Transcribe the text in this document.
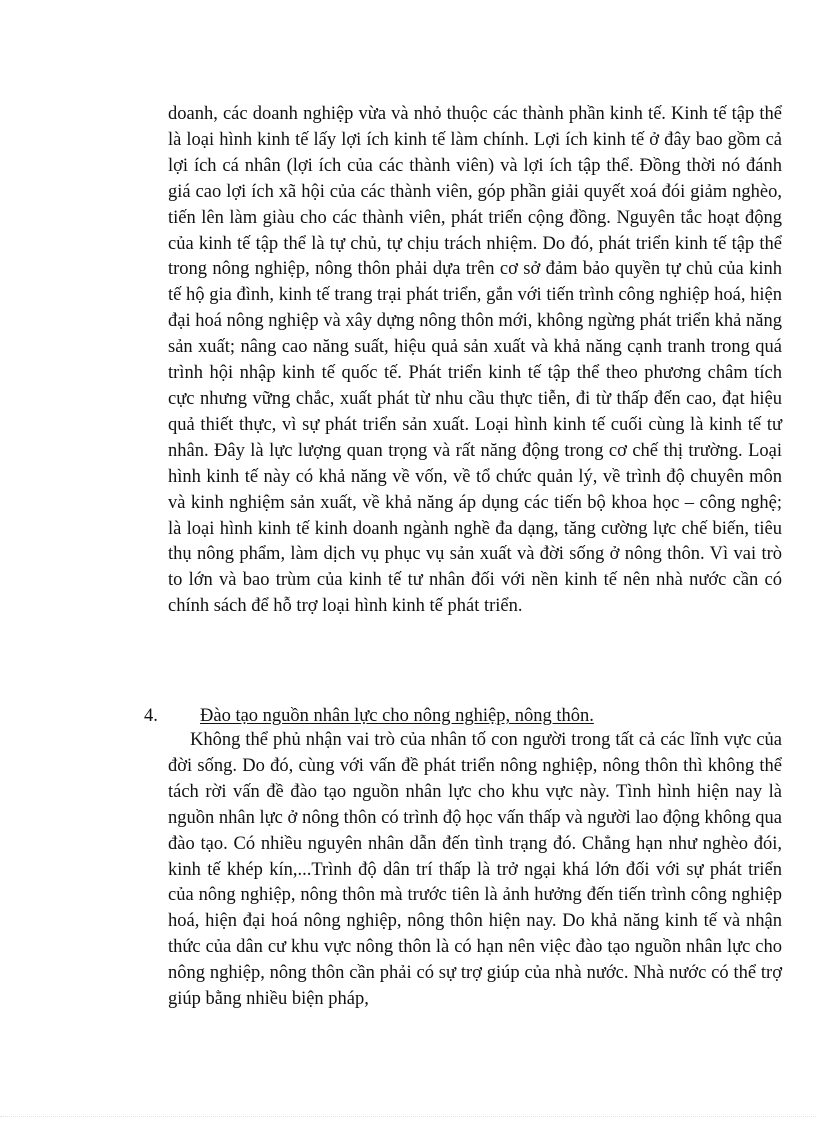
doanh, các doanh nghiệp vừa và nhỏ thuộc các thành phần kinh tế. Kinh tế tập thể là loại hình kinh tế lấy lợi ích kinh tế làm chính. Lợi ích kinh tế ở đây bao gồm cả lợi ích cá nhân (lợi ích của các thành viên) và lợi ích tập thể. Đồng thời nó đánh giá cao lợi ích xã hội của các thành viên, góp phần giải quyết xoá đói giảm nghèo, tiến lên làm giàu cho các thành viên, phát triển cộng đồng. Nguyên tắc hoạt động của kinh tế tập thể là tự chủ, tự chịu trách nhiệm. Do đó, phát triển kinh tế tập thể trong nông nghiệp, nông thôn phải dựa trên cơ sở đảm bảo quyền tự chủ của kinh tế hộ gia đình, kinh tế trang trại phát triển, gắn với tiến trình công nghiệp hoá, hiện đại hoá nông nghiệp và xây dựng nông thôn mới, không ngừng phát triển khả năng sản xuất; nâng cao năng suất, hiệu quả sản xuất và khả năng cạnh tranh trong quá trình hội nhập kinh tế quốc tế. Phát triển kinh tế tập thể theo phương châm tích cực nhưng vững chắc, xuất phát từ nhu cầu thực tiễn, đi từ thấp đến cao, đạt hiệu quả thiết thực, vì sự phát triển sản xuất. Loại hình kinh tế cuối cùng là kinh tế tư nhân. Đây là lực lượng quan trọng và rất năng động trong cơ chế thị trường. Loại hình kinh tế này có khả năng về vốn, về tổ chức quản lý, về trình độ chuyên môn và kinh nghiệm sản xuất, về khả năng áp dụng các tiến bộ khoa học – công nghệ; là loại hình kinh tế kinh doanh ngành nghề đa dạng, tăng cường lực chế biến, tiêu thụ nông phẩm, làm dịch vụ phục vụ sản xuất và đời sống ở nông thôn. Vì vai trò to lớn và bao trùm của kinh tế tư nhân đối với nền kinh tế nên nhà nước cần có chính sách để hỗ trợ loại hình kinh tế phát triển.

4. Đào tạo nguồn nhân lực cho nông nghiệp, nông thôn.

Không thể phủ nhận vai trò của nhân tố con người trong tất cả các lĩnh vực của đời sống. Do đó, cùng với vấn đề phát triển nông nghiệp, nông thôn thì không thể tách rời vấn đề đào tạo nguồn nhân lực cho khu vực này. Tình hình hiện nay là nguồn nhân lực ở nông thôn có trình độ học vấn thấp và người lao động không qua đào tạo. Có nhiều nguyên nhân dẫn đến tình trạng đó. Chẳng hạn như nghèo đói, kinh tế khép kín,...Trình độ dân trí thấp là trở ngại khá lớn đối với sự phát triển của nông nghiệp, nông thôn mà trước tiên là ảnh hưởng đến tiến trình công nghiệp hoá, hiện đại hoá nông nghiệp, nông thôn hiện nay. Do khả năng kinh tế và nhận thức của dân cư khu vực nông thôn là có hạn nên việc đào tạo nguồn nhân lực cho nông nghiệp, nông thôn cần phải có sự trợ giúp của nhà nước. Nhà nước có thể trợ giúp bằng nhiều biện pháp,
